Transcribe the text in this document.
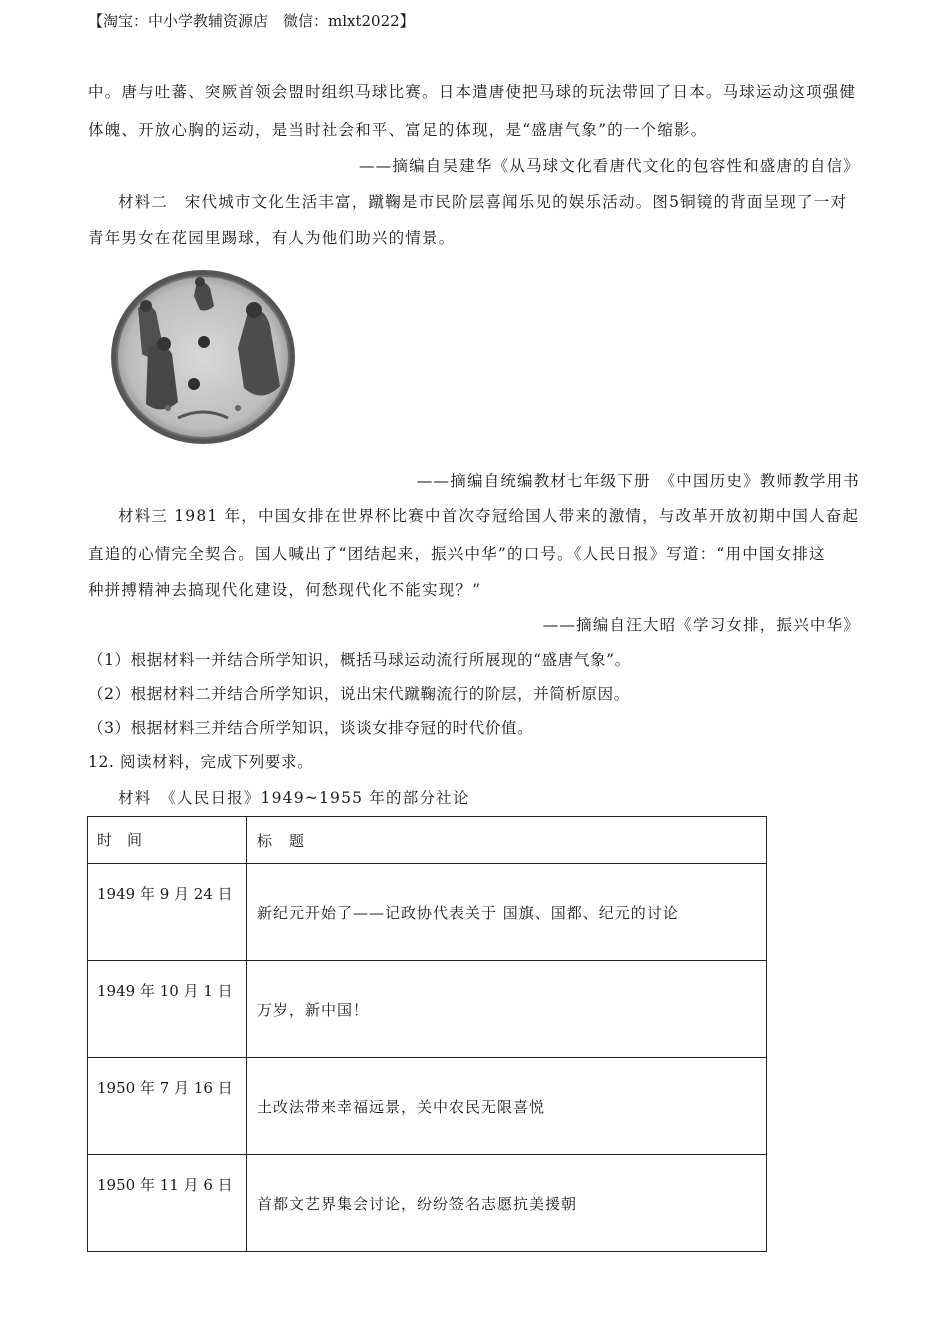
【淘宝：中小学教辅资源店　微信：mlxt2022】
中。唐与吐蕃、突厥首领会盟时组织马球比赛。日本遣唐使把马球的玩法带回了日本。马球运动这项强健
体魄、开放心胸的运动，是当时社会和平、富足的体现，是“盛唐气象”的一个缩影。
——摘编自吴建华《从马球文化看唐代文化的包容性和盛唐的自信》
材料二　宋代城市文化生活丰富，蹴鞠是市民阶层喜闻乐见的娱乐活动。图5铜镜的背面呈现了一对
青年男女在花园里踢球，有人为他们助兴的情景。
——摘编自统编教材七年级下册　《中国历史》教师教学用书
材料三 1981 年，中国女排在世界杯比赛中首次夺冠给国人带来的激情，与改革开放初期中国人奋起
直追的心情完全契合。国人喊出了“团结起来，振兴中华”的口号。《人民日报》写道：“用中国女排这
种拼搏精神去搞现代化建设，何愁现代化不能实现？”
——摘编自汪大昭《学习女排，振兴中华》
（1）根据材料一并结合所学知识，概括马球运动流行所展现的“盛唐气象”。
（2）根据材料二并结合所学知识，说出宋代蹴鞠流行的阶层，并简析原因。
（3）根据材料三并结合所学知识，谈谈女排夺冠的时代价值。
12. 阅读材料，完成下列要求。
材料　《人民日报》1949~1955 年的部分社论
时　间	标　题
1949 年 9 月 24 日	新纪元开始了——记政协代表关于 国旗、国都、纪元的讨论
1949 年 10 月 1 日	万岁，新中国！
1950 年 7 月 16 日	土改法带来幸福远景，关中农民无限喜悦
1950 年 11 月 6 日	首都文艺界集会讨论，纷纷签名志愿抗美援朝
